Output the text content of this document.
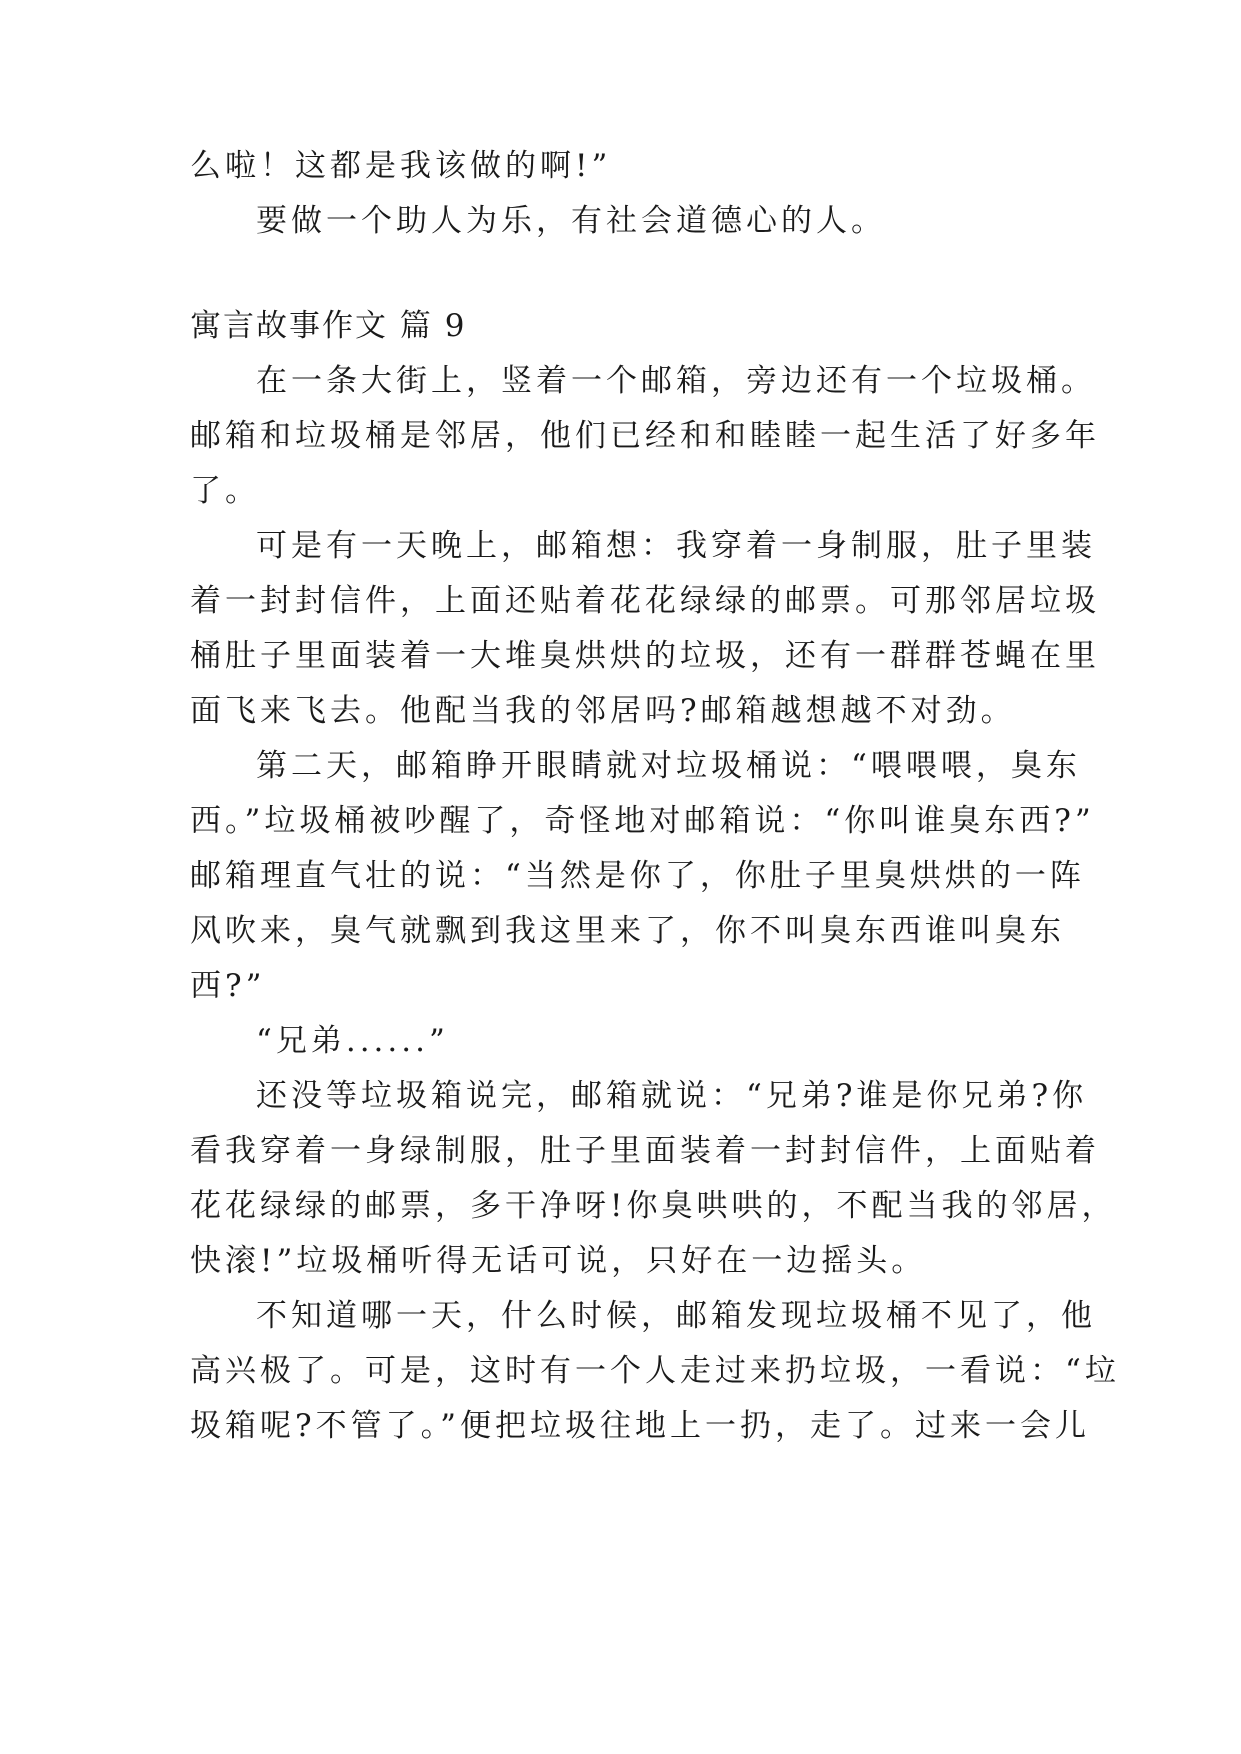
么啦！这都是我该做的啊!”
要做一个助人为乐，有社会道德心的人。
寓言故事作文 篇 9
在一条大街上，竖着一个邮箱，旁边还有一个垃圾桶。
邮箱和垃圾桶是邻居，他们已经和和睦睦一起生活了好多年
了。
可是有一天晚上，邮箱想：我穿着一身制服，肚子里装
着一封封信件，上面还贴着花花绿绿的邮票。可那邻居垃圾
桶肚子里面装着一大堆臭烘烘的垃圾，还有一群群苍蝇在里
面飞来飞去。他配当我的邻居吗?邮箱越想越不对劲。
第二天，邮箱睁开眼睛就对垃圾桶说：“喂喂喂，臭东
西。”垃圾桶被吵醒了，奇怪地对邮箱说：“你叫谁臭东西?”
邮箱理直气壮的说：“当然是你了，你肚子里臭烘烘的一阵
风吹来，臭气就飘到我这里来了，你不叫臭东西谁叫臭东
西?”
“兄弟......”
还没等垃圾箱说完，邮箱就说：“兄弟?谁是你兄弟?你
看我穿着一身绿制服，肚子里面装着一封封信件，上面贴着
花花绿绿的邮票，多干净呀!你臭哄哄的，不配当我的邻居，
快滚!”垃圾桶听得无话可说，只好在一边摇头。
不知道哪一天，什么时候，邮箱发现垃圾桶不见了，他
高兴极了。可是，这时有一个人走过来扔垃圾，一看说：“垃
圾箱呢?不管了。”便把垃圾往地上一扔，走了。过来一会儿
